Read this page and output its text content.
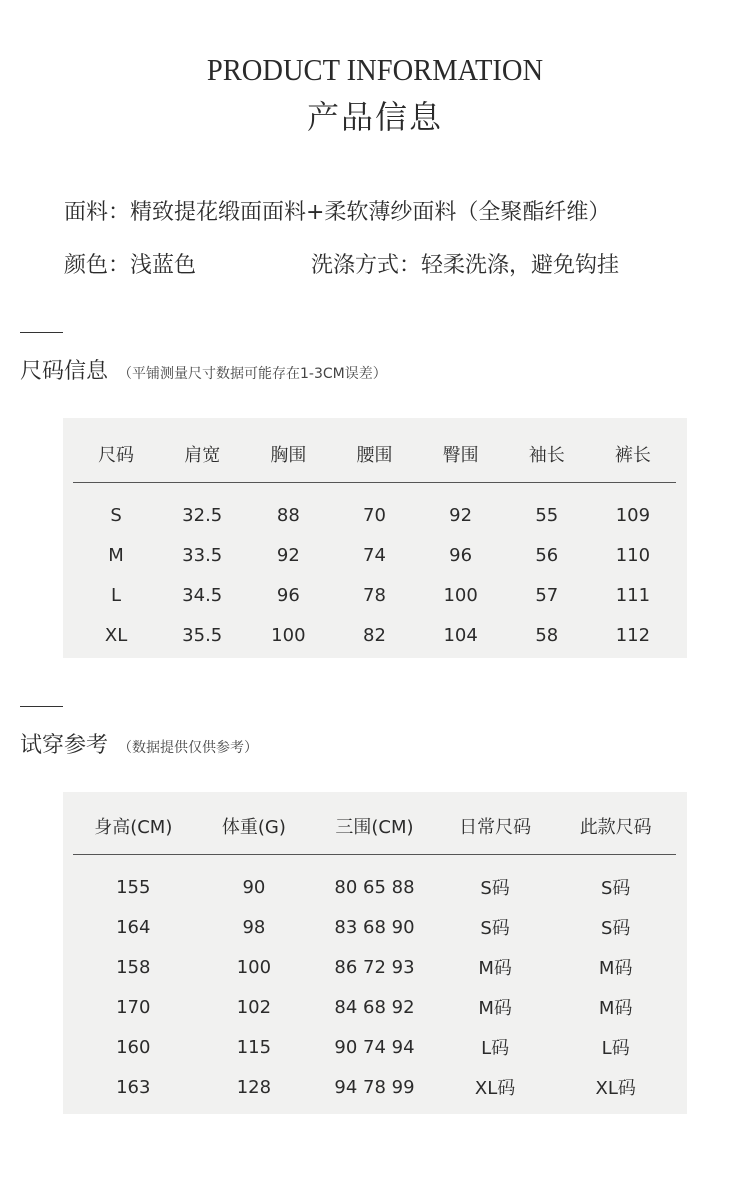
PRODUCT INFORMATION
产品信息
面料：精致提花缎面面料+柔软薄纱面料（全聚酯纤维）
颜色：浅蓝色	洗涤方式：轻柔洗涤，避免钩挂
尺码信息 （平铺测量尺寸数据可能存在1-3CM误差）
尺码	肩宽	胸围	腰围	臀围	袖长	裤长

S	32.5	88	70	92	55	109
M	33.5	92	74	96	56	110
L	34.5	96	78	100	57	111
XL	35.5	100	82	104	58	112
试穿参考 （数据提供仅供参考）
身高(CM)	体重(G)	三围(CM)	日常尺码	此款尺码

155	90	80 65 88	S码	S码
164	98	83 68 90	S码	S码
158	100	86 72 93	M码	M码
170	102	84 68 92	M码	M码
160	115	90 74 94	L码	L码
163	128	94 78 99	XL码	XL码
